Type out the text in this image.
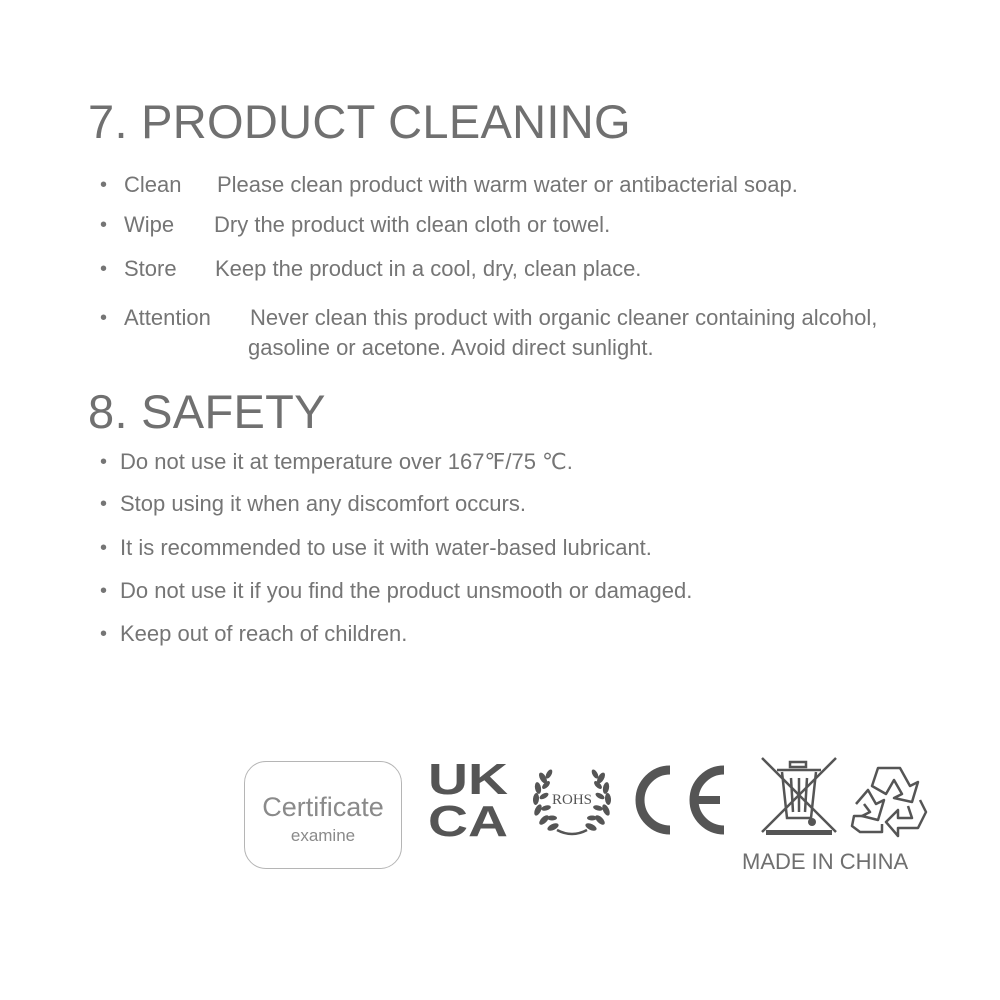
7. PRODUCT CLEANING
• Clean Please clean product with warm water or antibacterial soap.
• Wipe Dry the product with clean cloth or towel.
• Store Keep the product in a cool, dry, clean place.
• Attention Never clean this product with organic cleaner containing alcohol,
gasoline or acetone. Avoid direct sunlight.
8. SAFETY
• Do not use it at temperature over 167℉/75 ℃.
• Stop using it when any discomfort occurs.
• It is recommended to use it with water-based lubricant.
• Do not use it if you find the product unsmooth or damaged.
• Keep out of reach of children.
Certificate
examine
UK
CA	ROHS
MADE IN CHINA
